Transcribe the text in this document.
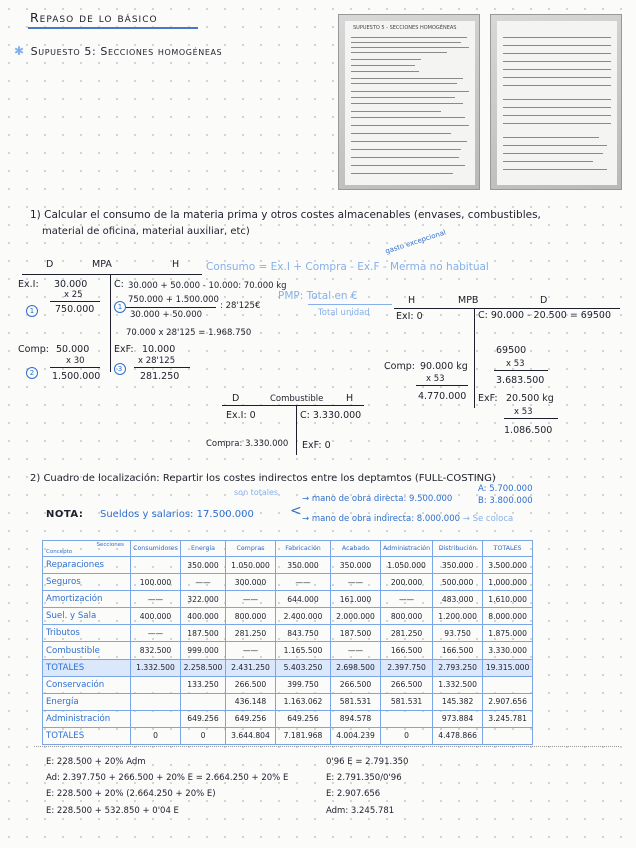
Repaso de lo básico
✱ Supuesto 5: Secciones homogéneas
SUPUESTO 5 - SECCIONES HOMOGÉNEAS
1) Calcular el consumo de la materia prima y otros costes almacenables (envases, combustibles,
material de oficina, material auxiliar, etc)
D	MPA	H
Ex.I: 30.000
x 25
750.000
1
C: 30.000 + 50.000 - 10.000: 70.000 kg
1
750.000 + 1.500.000
: 28'125€
30.000 + 50.000
70.000 x 28'125 = 1.968.750
Comp: 50.000
x 30
1.500.000
2
ExF: 10.000
3
x 28'125
281.250
Consumo = Ex.I + Compra - Ex.F - Merma no habitual
gasto excepcional
PMP: Total en €
Total unidad
H	MPB	D
ExI: 0	C: 90.000 - 20.500 = 69500
Comp: 90.000 kg
x 53
4.770.000
69500
x 53
3.683.500
ExF: 20.500 kg
x 53
1.086.500
D	Combustible H
Ex.I: 0	C: 3.330.000
Compra: 3.330.000 ExF: 0
2) Cuadro de localización: Repartir los costes indirectos entre los deptamtos (FULL-COSTING)
son totales
NOTA: Sueldos y salarios: 17.500.000	<
→ mano de obra directa: 9.500.000
→ mano de obra indirecta: 8.000.000 → Se coloca
A: 5.700.000
B: 3.800.000
Secciones
Concepto	Consumidores	Energía	Compras	Fabricación	Acabado	Administración	Distribución	TOTALES
Reparaciones		350.000	1.050.000	350.000	350.000	1.050.000	350.000	3.500.000
Seguros	100.000	——	300.000	——	——	200.000	500.000	1.000.000
Amortización	——	322.000	——	644.000	161.000	——	483.000	1.610.000
Suel. y Sala	400.000	400.000	800.000	2.400.000	2.000.000	800.000	1.200.000	8.000.000
Tributos	——	187.500	281.250	843.750	187.500	281.250	93.750	1.875.000
Combustible	832.500	999.000	——	1.165.500	——	166.500	166.500	3.330.000
TOTALES	1.332.500	2.258.500	2.431.250	5.403.250	2.698.500	2.397.750	2.793.250	19.315.000
Conservación		133.250	266.500	399.750	266.500	266.500	1.332.500	
Energía			436.148	1.163.062	581.531	581.531	145.382	2.907.656
Administración		649.256	649.256	649.256	894.578		973.884	3.245.781
TOTALES	0	0	3.644.804	7.181.968	4.004.239	0	4.478.866	
E: 228.500 + 20% Adm
Ad: 2.397.750 + 266.500 + 20% E = 2.664.250 + 20% E
E: 228.500 + 20% (2.664.250 + 20% E)
E: 228.500 + 532.850 + 0'04 E
0'96 E = 2.791.350
E: 2.791.350/0'96
E: 2.907.656
Adm: 3.245.781
